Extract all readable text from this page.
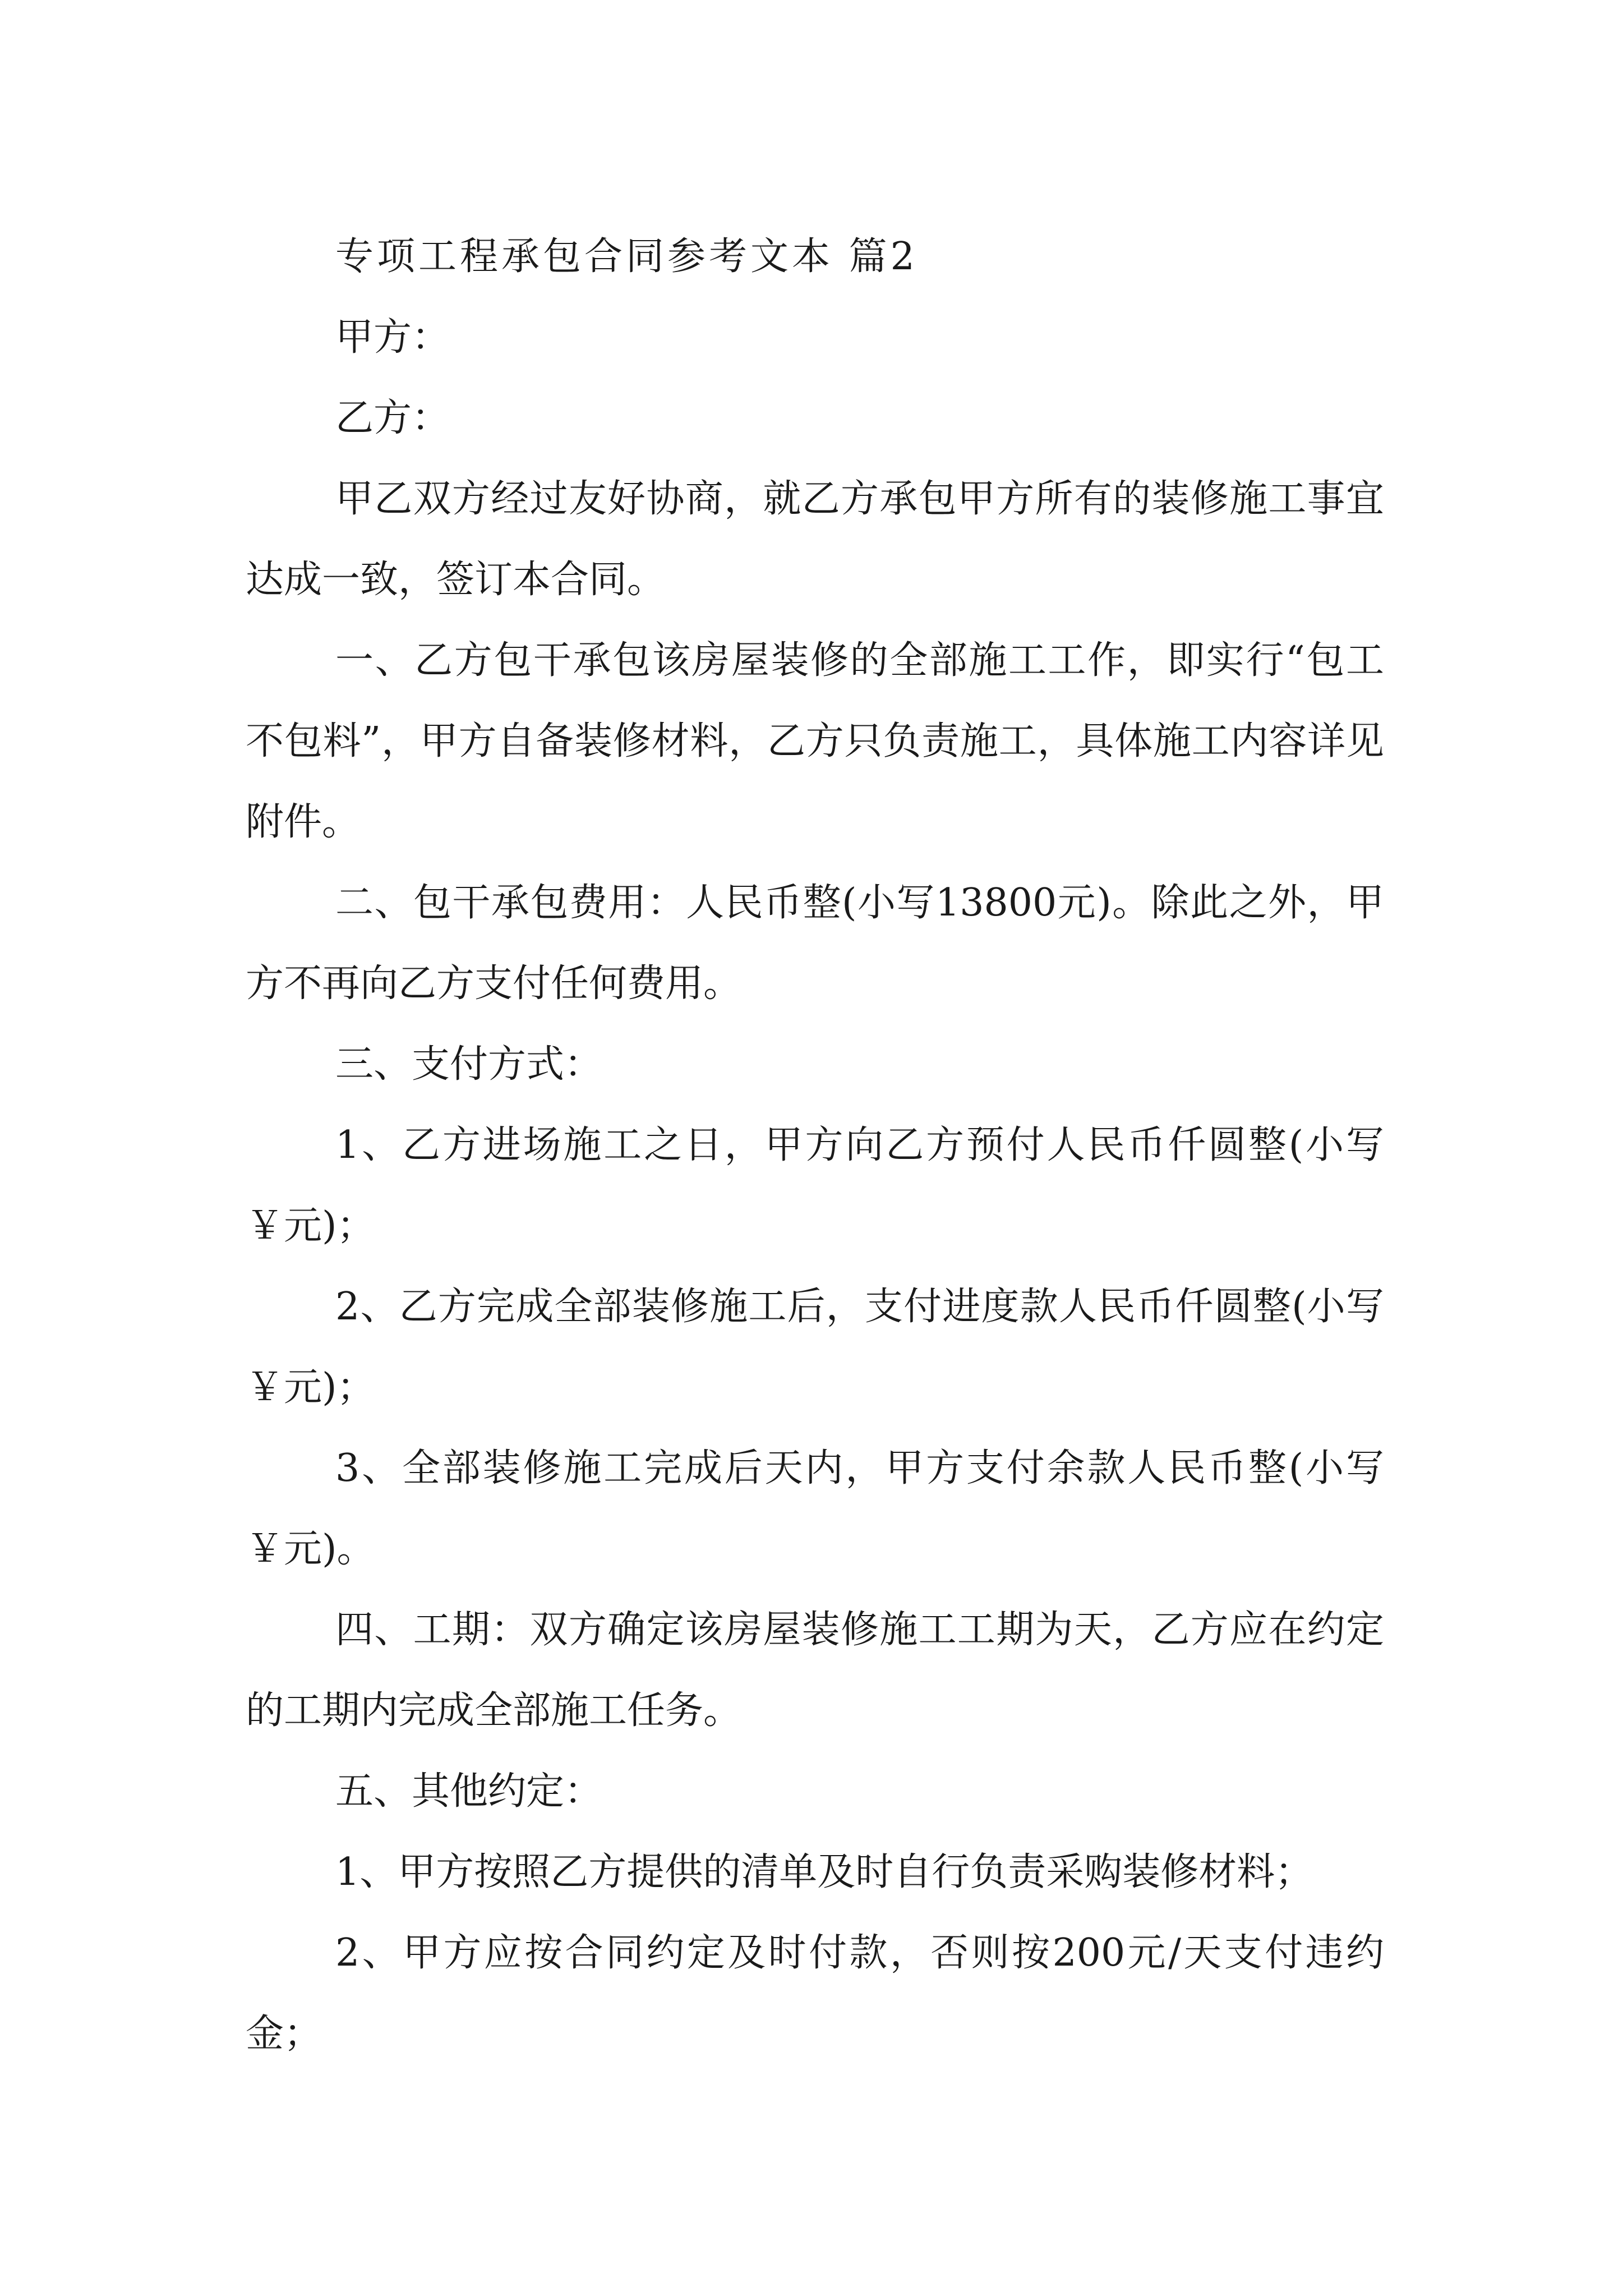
专项工程承包合同参考文本 篇2

甲方：

乙方：

甲乙双方经过友好协商，就乙方承包甲方所有的装修施工事宜达成一致，签订本合同。

一、乙方包干承包该房屋装修的全部施工工作，即实行“包工不包料”，甲方自备装修材料，乙方只负责施工，具体施工内容详见附件。

二、包干承包费用：人民币整(小写13800元)。除此之外，甲方不再向乙方支付任何费用。

三、支付方式：

1、乙方进场施工之日，甲方向乙方预付人民币仟圆整(小写￥元)；

2、乙方完成全部装修施工后，支付进度款人民币仟圆整(小写￥元)；

3、全部装修施工完成后天内，甲方支付余款人民币整(小写￥元)。

四、工期：双方确定该房屋装修施工工期为天，乙方应在约定的工期内完成全部施工任务。

五、其他约定：

1、甲方按照乙方提供的清单及时自行负责采购装修材料；

2、甲方应按合同约定及时付款，否则按200元/天支付违约金；
